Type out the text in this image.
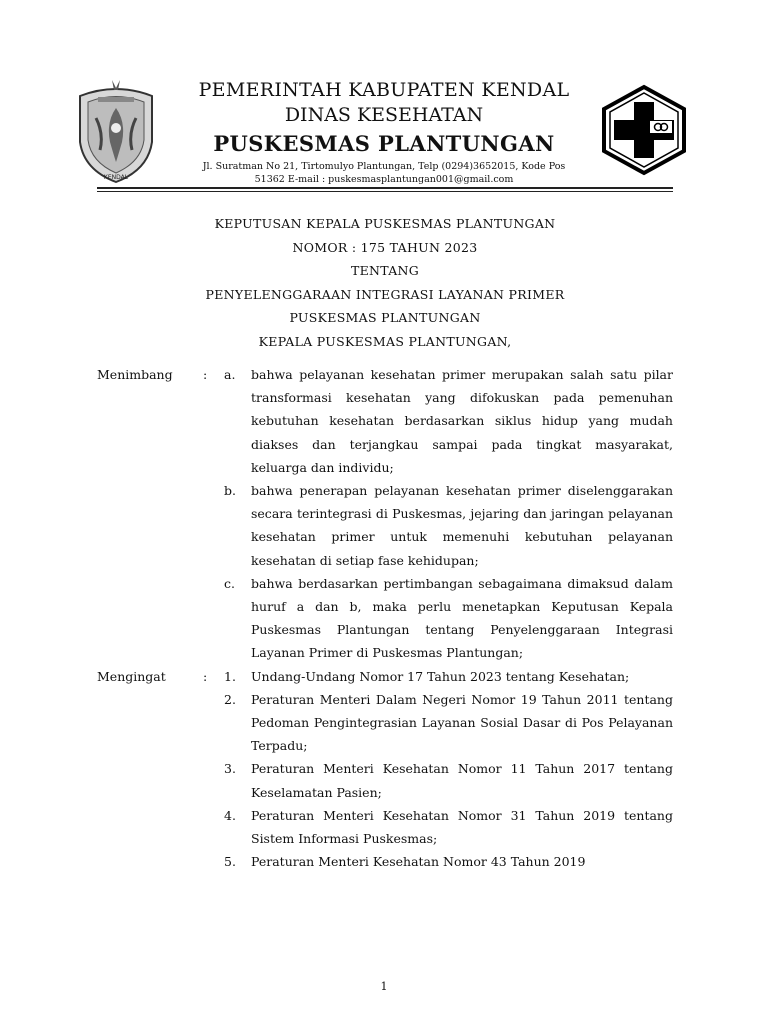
KENDAL
PEMERINTAH KABUPATEN KENDAL
DINAS KESEHATAN
PUSKESMAS PLANTUNGAN
Jl. Suratman No 21, Tirtomulyo Plantungan, Telp (0294)3652015, Kode Pos
51362 E-mail : puskesmasplantungan001@gmail.com
KEPUTUSAN KEPALA PUSKESMAS PLANTUNGAN
NOMOR : 175 TAHUN 2023
TENTANG
PENYELENGGARAAN INTEGRASI LAYANAN PRIMER
PUSKESMAS PLANTUNGAN
KEPALA PUSKESMAS PLANTUNGAN,
Menimbang	: a. bahwa pelayanan kesehatan primer merupakan salah satu pilar transformasi kesehatan yang difokuskan pada pemenuhan kebutuhan kesehatan berdasarkan siklus hidup yang mudah diakses dan terjangkau sampai pada tingkat masyarakat, keluarga dan individu;
b. bahwa penerapan pelayanan kesehatan primer diselenggarakan secara terintegrasi di Puskesmas, jejaring dan jaringan pelayanan kesehatan primer untuk memenuhi kebutuhan pelayanan kesehatan di setiap fase kehidupan;
c. bahwa berdasarkan pertimbangan sebagaimana dimaksud dalam huruf a dan b, maka perlu menetapkan Keputusan Kepala Puskesmas Plantungan tentang Penyelenggaraan Integrasi Layanan Primer di Puskesmas Plantungan;
Mengingat	: 1. Undang-Undang Nomor 17 Tahun 2023 tentang Kesehatan;
2. Peraturan Menteri Dalam Negeri Nomor 19 Tahun 2011 tentang Pedoman Pengintegrasian Layanan Sosial Dasar di Pos Pelayanan Terpadu;
3. Peraturan Menteri Kesehatan Nomor 11 Tahun 2017 tentang Keselamatan Pasien;
4. Peraturan Menteri Kesehatan Nomor 31 Tahun 2019 tentang Sistem Informasi Puskesmas;
5. Peraturan Menteri Kesehatan Nomor 43 Tahun 2019
1
